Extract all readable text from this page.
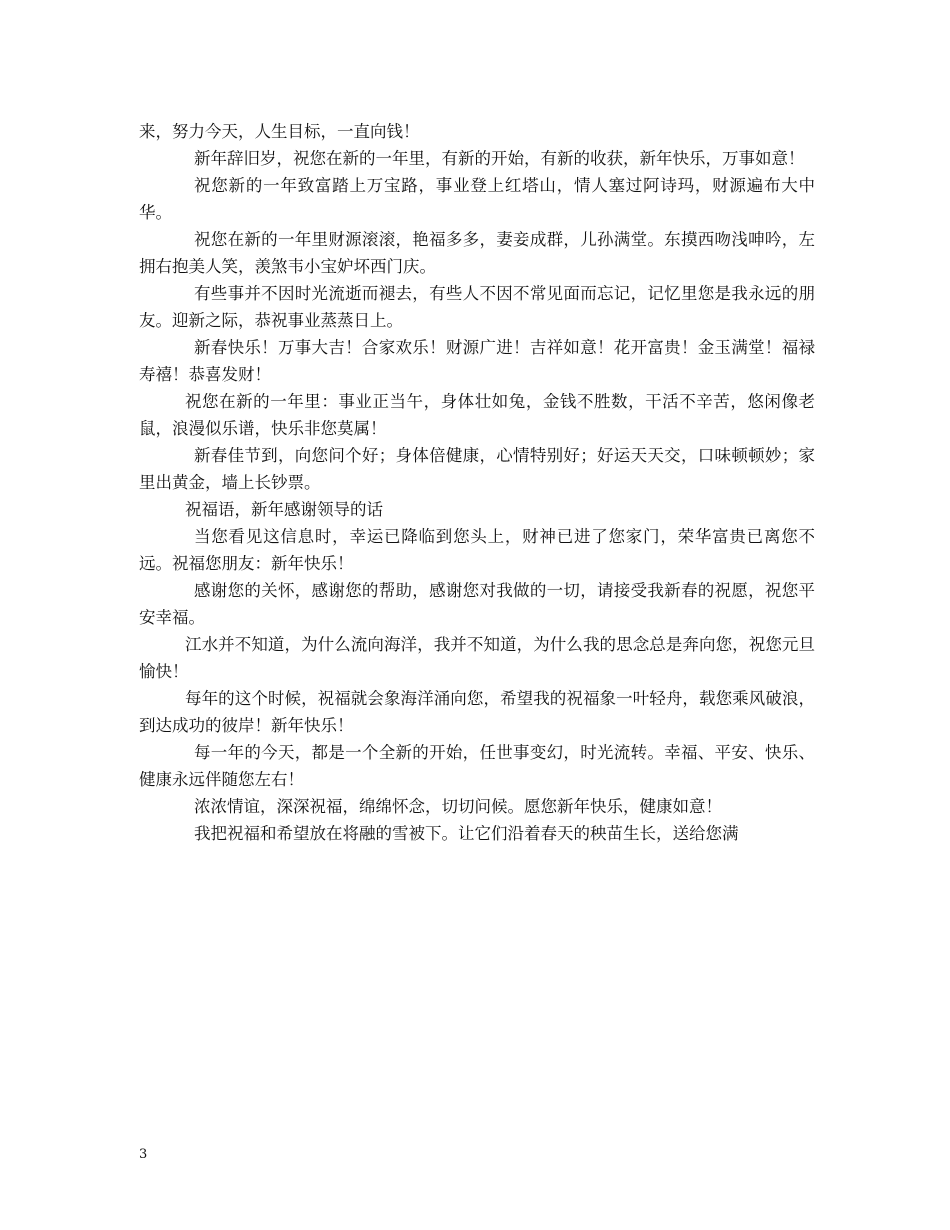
来，努力今天，人生目标，一直向钱！

新年辞旧岁，祝您在新的一年里，有新的开始，有新的收获，新年快乐，万事如意！

祝您新的一年致富踏上万宝路，事业登上红塔山，情人塞过阿诗玛，财源遍布大中华。

祝您在新的一年里财源滚滚，艳福多多，妻妾成群，儿孙满堂。东摸西吻浅呻吟，左拥右抱美人笑，羡煞韦小宝妒坏西门庆。

有些事并不因时光流逝而褪去，有些人不因不常见面而忘记，记忆里您是我永远的朋友。迎新之际，恭祝事业蒸蒸日上。

新春快乐！万事大吉！合家欢乐！财源广进！吉祥如意！花开富贵！金玉满堂！福禄寿禧！恭喜发财！

祝您在新的一年里：事业正当午，身体壮如兔，金钱不胜数，干活不辛苦，悠闲像老鼠，浪漫似乐谱，快乐非您莫属！

新春佳节到，向您问个好；身体倍健康，心情特别好；好运天天交，口味顿顿妙；家里出黄金，墙上长钞票。

祝福语，新年感谢领导的话

当您看见这信息时，幸运已降临到您头上，财神已进了您家门，荣华富贵已离您不远。祝福您朋友：新年快乐！

感谢您的关怀，感谢您的帮助，感谢您对我做的一切，请接受我新春的祝愿，祝您平安幸福。

江水并不知道，为什么流向海洋，我并不知道，为什么我的思念总是奔向您，祝您元旦愉快！

每年的这个时候，祝福就会象海洋涌向您，希望我的祝福象一叶轻舟，载您乘风破浪，到达成功的彼岸！新年快乐！

每一年的今天，都是一个全新的开始，任世事变幻，时光流转。幸福、平安、快乐、健康永远伴随您左右！

浓浓情谊，深深祝福，绵绵怀念，切切问候。愿您新年快乐，健康如意！

我把祝福和希望放在将融的雪被下。让它们沿着春天的秧苗生长，送给您满

3
